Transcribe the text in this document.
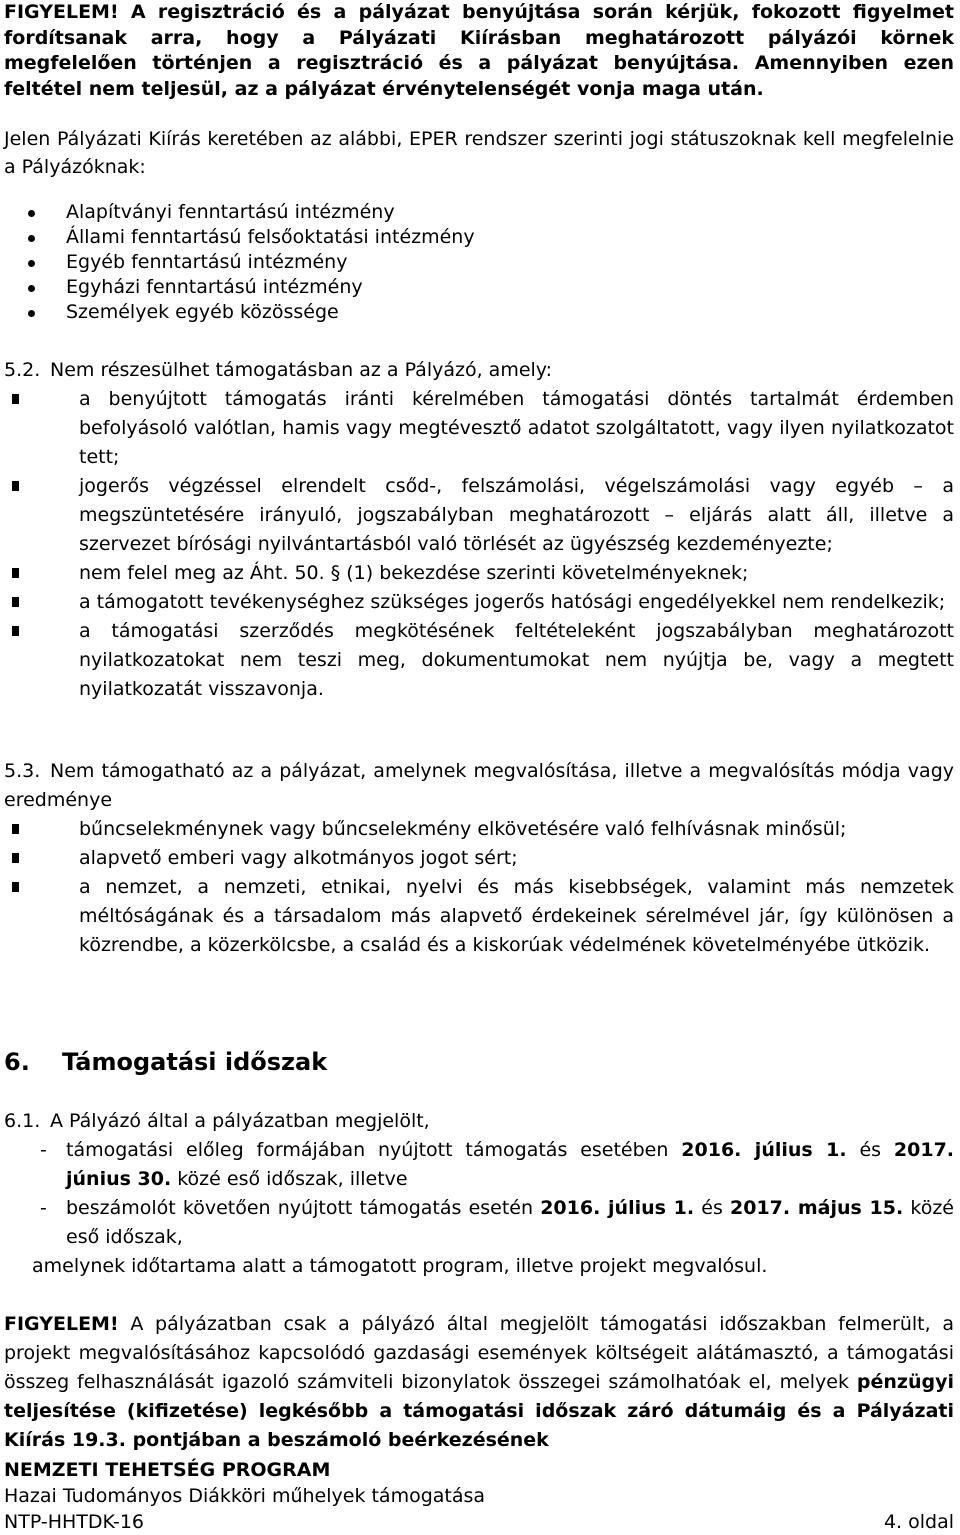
FIGYELEM! A regisztráció és a pályázat benyújtása során kérjük, fokozott figyelmet fordítsanak arra, hogy a Pályázati Kiírásban meghatározott pályázói körnek megfelelően történjen a regisztráció és a pályázat benyújtása. Amennyiben ezen feltétel nem teljesül, az a pályázat érvénytelenségét vonja maga után.
Jelen Pályázati Kiírás keretében az alábbi, EPER rendszer szerinti jogi státuszoknak kell megfelelnie a Pályázóknak:
Alapítványi fenntartású intézmény
Állami fenntartású felsőoktatási intézmény
Egyéb fenntartású intézmény
Egyházi fenntartású intézmény
Személyek egyéb közössége
5.2. Nem részesülhet támogatásban az a Pályázó, amely:
a benyújtott támogatás iránti kérelmében támogatási döntés tartalmát érdemben befolyásoló valótlan, hamis vagy megtévesztő adatot szolgáltatott, vagy ilyen nyilatkozatot tett;
jogerős végzéssel elrendelt csőd-, felszámolási, végelszámolási vagy egyéb – a megszüntetésére irányuló, jogszabályban meghatározott – eljárás alatt áll, illetve a szervezet bírósági nyilvántartásból való törlését az ügyészség kezdeményezte;
nem felel meg az Áht. 50. § (1) bekezdése szerinti követelményeknek;
a támogatott tevékenységhez szükséges jogerős hatósági engedélyekkel nem rendelkezik;
a támogatási szerződés megkötésének feltételeként jogszabályban meghatározott nyilatkozatokat nem teszi meg, dokumentumokat nem nyújtja be, vagy a megtett nyilatkozatát visszavonja.
5.3. Nem támogatható az a pályázat, amelynek megvalósítása, illetve a megvalósítás módja vagy eredménye
bűncselekménynek vagy bűncselekmény elkövetésére való felhívásnak minősül;
alapvető emberi vagy alkotmányos jogot sért;
a nemzet, a nemzeti, etnikai, nyelvi és más kisebbségek, valamint más nemzetek méltóságának és a társadalom más alapvető érdekeinek sérelmével jár, így különösen a közrendbe, a közerkölcsbe, a család és a kiskorúak védelmének követelményébe ütközik.
6. Támogatási időszak
6.1. A Pályázó által a pályázatban megjelölt,
- támogatási előleg formájában nyújtott támogatás esetében 2016. július 1. és 2017. június 30. közé eső időszak, illetve
- beszámolót követően nyújtott támogatás esetén 2016. július 1. és 2017. május 15. közé eső időszak,
amelynek időtartama alatt a támogatott program, illetve projekt megvalósul.
FIGYELEM! A pályázatban csak a pályázó által megjelölt támogatási időszakban felmerült, a projekt megvalósításához kapcsolódó gazdasági események költségeit alátámasztó, a támogatási összeg felhasználását igazoló számviteli bizonylatok összegei számolhatóak el, melyek pénzügyi teljesítése (kifizetése) legkésőbb a támogatási időszak záró dátumáig és a Pályázati Kiírás 19.3. pontjában a beszámoló beérkezésének
NEMZETI TEHETSÉG PROGRAM
Hazai Tudományos Diákköri műhelyek támogatása
NTP-HHTDK-16	4. oldal
